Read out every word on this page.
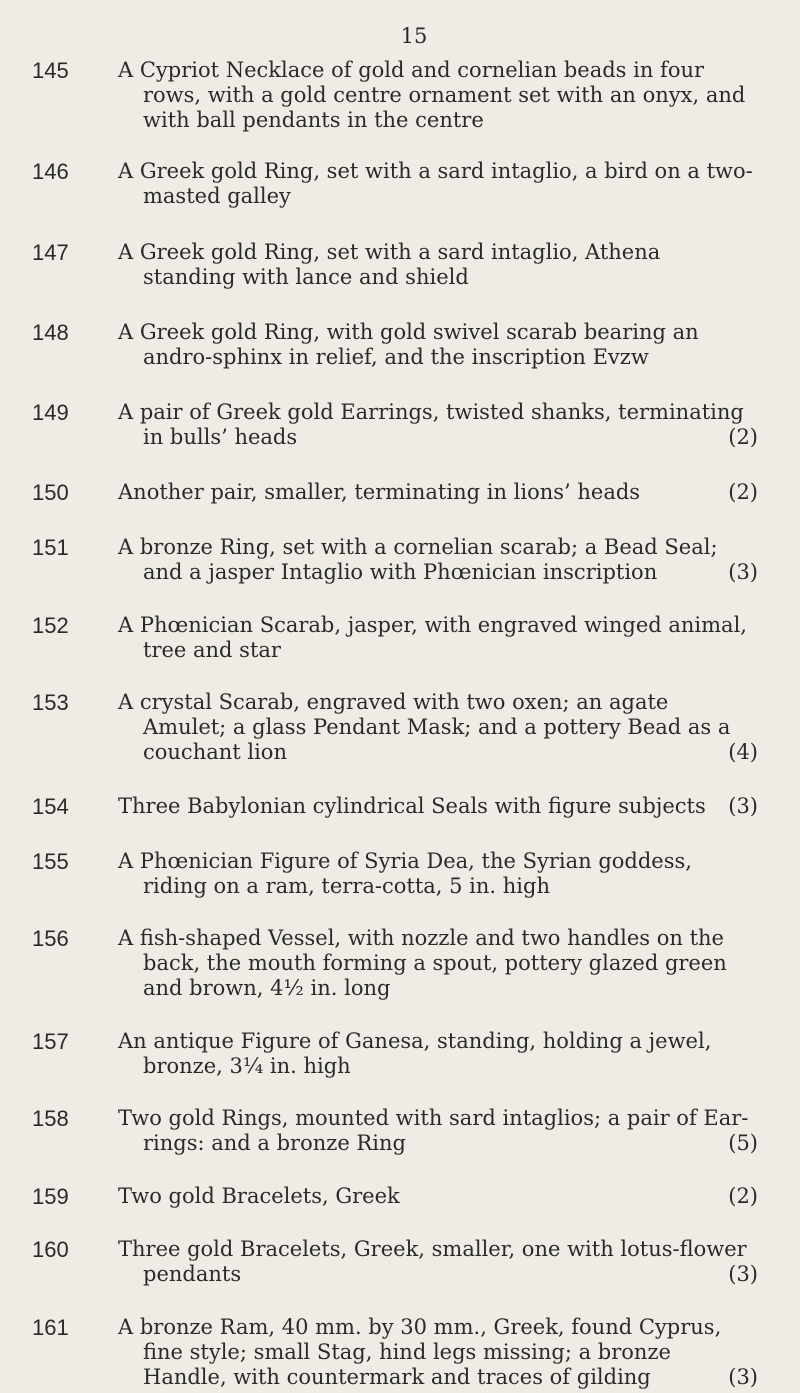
15
145	A Cypriot Necklace of gold and cornelian beads in four rows, with a gold centre ornament set with an onyx, and with ball pendants in the centre
146	A Greek gold Ring, set with a sard intaglio, a bird on a two-masted galley
147	A Greek gold Ring, set with a sard intaglio, Athena standing with lance and shield
148	A Greek gold Ring, with gold swivel scarab bearing an andro-sphinx in relief, and the inscription Evzw
149	A pair of Greek gold Earrings, twisted shanks, terminating in bulls’ heads	(2)
150	Another pair, smaller, terminating in lions’ heads	(2)
151	A bronze Ring, set with a cornelian scarab; a Bead Seal; and a jasper Intaglio with Phœnician inscription	(3)
152	A Phœnician Scarab, jasper, with engraved winged animal, tree and star
153	A crystal Scarab, engraved with two oxen; an agate Amulet; a glass Pendant Mask; and a pottery Bead as a couchant lion	(4)
154	Three Babylonian cylindrical Seals with figure subjects (3)
155	A Phœnician Figure of Syria Dea, the Syrian goddess, riding on a ram, terra-cotta, 5 in. high
156	A fish-shaped Vessel, with nozzle and two handles on the back, the mouth forming a spout, pottery glazed green and brown, 4½ in. long
157	An antique Figure of Ganesa, standing, holding a jewel, bronze, 3¼ in. high
158	Two gold Rings, mounted with sard intaglios; a pair of Ear-rings: and a bronze Ring	(5)
159	Two gold Bracelets, Greek	(2)
160	Three gold Bracelets, Greek, smaller, one with lotus-flower pendants	(3)
161	A bronze Ram, 40 mm. by 30 mm., Greek, found Cyprus, fine style; small Stag, hind legs missing; a bronze Handle, with countermark and traces of gilding	(3)
